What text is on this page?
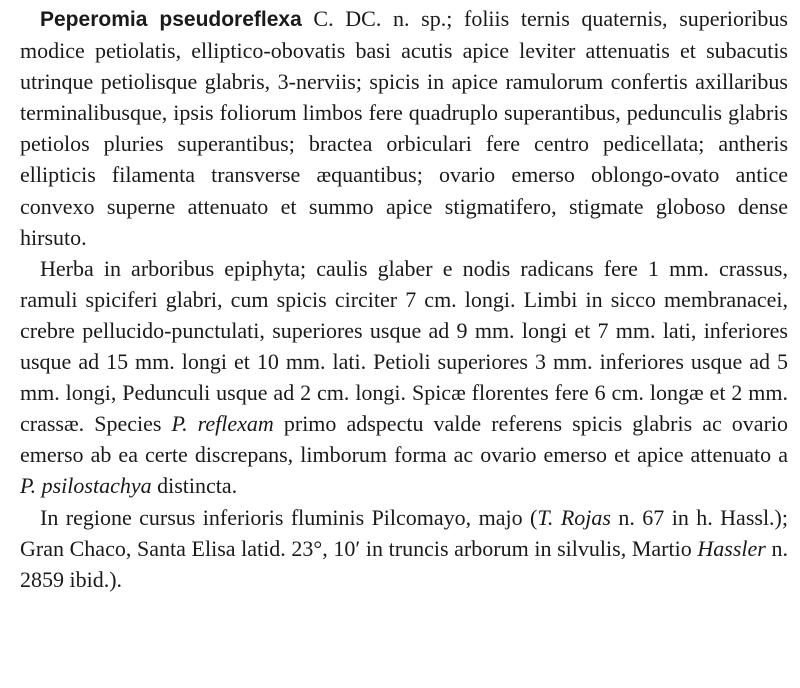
Peperomia pseudoreflexa C. DC. n. sp.; foliis ternis quaternis, superioribus modice petiolatis, elliptico-obovatis basi acutis apice leviter attenuatis et subacutis utrinque petiolisque glabris, 3-nerviis; spicis in apice ramulorum confertis axillaribus terminalibusque, ipsis foliorum limbos fere quadruplo superantibus, pedunculis glabris petiolos pluries superantibus; bractea orbiculari fere centro pedicellata; antheris ellipticis filamenta transverse æquantibus; ovario emerso oblongo-ovato antice convexo superne attenuato et summo apice stigmatifero, stigmate globoso dense hirsuto.

Herba in arboribus epiphyta; caulis glaber e nodis radicans fere 1 mm. crassus, ramuli spiciferi glabri, cum spicis circiter 7 cm. longi. Limbi in sicco membranacei, crebre pellucido-punctulati, superiores usque ad 9 mm. longi et 7 mm. lati, inferiores usque ad 15 mm. longi et 10 mm. lati. Petioli superiores 3 mm. inferiores usque ad 5 mm. longi, Pedunculi usque ad 2 cm. longi. Spicæ florentes fere 6 cm. longæ et 2 mm. crassæ. Species P. reflexam primo adspectu valde referens spicis glabris ac ovario emerso ab ea certe discrepans, limborum forma ac ovario emerso et apice attenuato a P. psilostachya distincta.

In regione cursus inferioris fluminis Pilcomayo, majo (T. Rojas n. 67 in h. Hassl.); Gran Chaco, Santa Elisa latid. 23°, 10′ in truncis arborum in silvulis, Martio Hassler n. 2859 ibid.).
